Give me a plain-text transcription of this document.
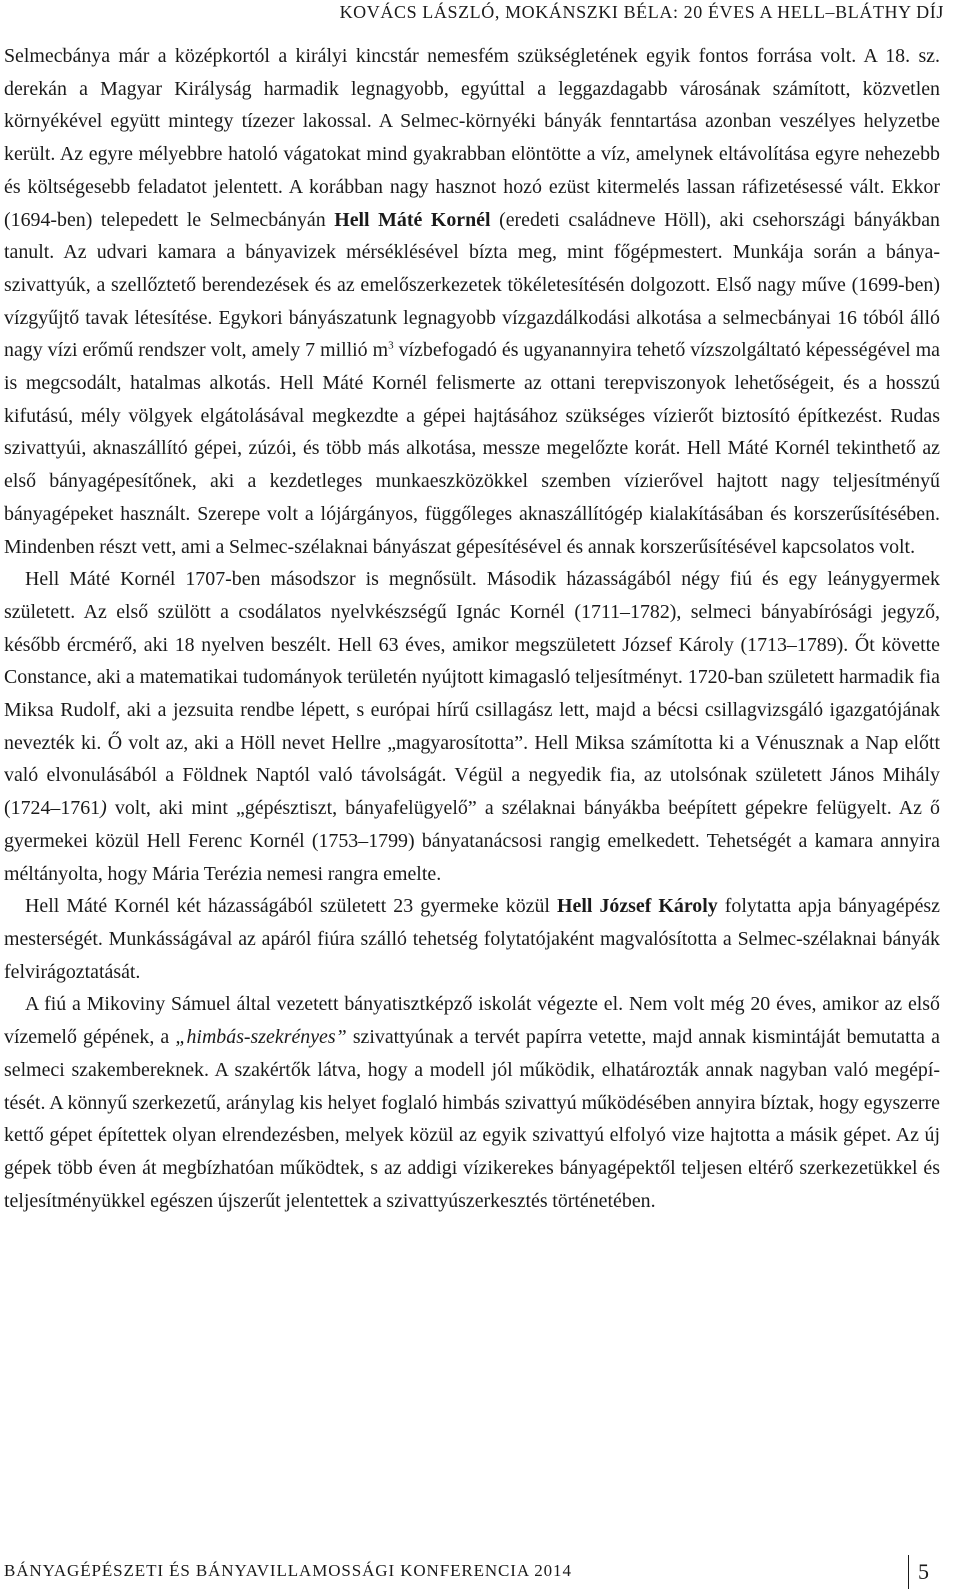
KOVÁCS LÁSZLÓ, MOKÁNSZKI BÉLA: 20 ÉVES A HELL–BLÁTHY DÍJ

Selmecbánya már a középkortól a királyi kincstár nemesfém szükségletének egyik fontos forrása volt. A 18. sz. derekán a Magyar Királyság harmadik legnagyobb, egyúttal a leggazdagabb városának számított, közvetlen környékével együtt mintegy tízezer lakossal. A Selmec-környéki bányák fenntartása azonban veszélyes helyzetbe került. Az egyre mélyebbre hatoló vágatokat mind gyakrabban elöntötte a víz, amelynek eltávolítása egyre nehezebb és költségesebb feladatot jelentett. A korábban nagy hasznot hozó ezüst kitermelés lassan ráfizetésessé vált. Ekkor (1694-ben) telepedett le Selmecbányán Hell Máté Kornél (eredeti családneve Höll), aki csehországi bányákban tanult. Az udvari kamara a bányavizek mérséklésével bízta meg, mint főgépmestert. Munkája során a bányaszivattyúk, a szellőztető berendezések és az emelőszerkezetek tökéletesítésén dolgozott. Első nagy műve (1699-ben) vízgyűjtő tavak létesítése. Egykori bányászatunk legnagyobb vízgazdálkodási alkotása a selmecbányai 16 tóból álló nagy vízi erőmű rendszer volt, amely 7 millió $m^3$ vízbefogadó és ugyanannyira tehető vízszolgáltató képességével ma is megcsodált, hatalmas alkotás. Hell Máté Kornél felismerte az ottani terepviszonyok lehetőségeit, és a hosszú kifutású, mély völgyek elgátolásával megkezdte a gépei hajtásához szükséges vízierőt biztosító építkezést. Rudas szivattyúi, aknaszállító gépei, zúzói, és több más alkotása, messze megelőzte korát. Hell Máté Kornél tekinthető az első bányagépesítőnek, aki a kezdetleges munkaeszközökkel szemben vízierővel hajtott nagy teljesítményű bányagépeket használt. Szerepe volt a lójárgányos, függőleges aknaszállítógép kialakításában és korszerűsítésében. Mindenben részt vett, ami a Selmec-szélaknai bányászat gépesítésével és annak korszerűsítésével kapcsolatos volt.

Hell Máté Kornél 1707-ben másodszor is megnősült. Második házasságából négy fiú és egy leánygyermek született. Az első szülött a csodálatos nyelvkészségű Ignác Kornél (1711–1782), selmeci bányabírósági jegyző, később ércmérő, aki 18 nyelven beszélt. Hell 63 éves, amikor megszületett József Károly (1713–1789). Őt követte Constance, aki a matematikai tudományok területén nyújtott kimagasló teljesítményt. 1720-ban született harmadik fia Miksa Rudolf, aki a jezsuita rendbe lépett, s európai hírű csillagász lett, majd a bécsi csillagvizsgáló igazgatójának nevezték ki. Ő volt az, aki a Höll nevet Hellre „magyarosította”. Hell Miksa számította ki a Vénusznak a Nap előtt való elvonulásából a Földnek Naptól való távolságát. Végül a negyedik fia, az utolsónak született János Mihály (1724–1761) volt, aki mint „gépésztiszt, bányafelügyelő” a szélaknai bányákba beépített gépekre felügyelt. Az ő gyermekei közül Hell Ferenc Kornél (1753–1799) bányatanácsosi rangig emelkedett. Tehetségét a kamara annyira méltányolta, hogy Mária Terézia nemesi rangra emelte.

Hell Máté Kornél két házasságából született 23 gyermeke közül Hell József Károly folytatta apja bányagépész mesterségét. Munkásságával az apáról fiúra szálló tehetség folytatójaként magvalósította a Selmec-szélaknai bányák felvirágoztatását.

A fiú a Mikoviny Sámuel által vezetett bányatisztképző iskolát végezte el. Nem volt még 20 éves, amikor az első vízemelő gépének, a „himbás-szekrényes” szivattyúnak a tervét papírra vetette, majd annak kismintáját bemutatta a selmeci szakembereknek. A szakértők látva, hogy a modell jól működik, elhatározták annak nagyban való megépítését. A könnyű szerkezetű, aránylag kis helyet foglaló himbás szivattyú működésében annyira bíztak, hogy egyszerre kettő gépet építettek olyan elrendezésben, melyek közül az egyik szivattyú elfolyó vize hajtotta a másik gépet. Az új gépek több éven át megbízhatóan működtek, s az addigi vízikerekes bányagépektől teljesen eltérő szerkezetükkel és teljesítményükkel egészen újszerűt jelentettek a szivattyúszerkesztés történetében.

BÁNYAGÉPÉSZETI ÉS BÁNYAVILLAMOSSÁGI KONFERENCIA 2014	5
